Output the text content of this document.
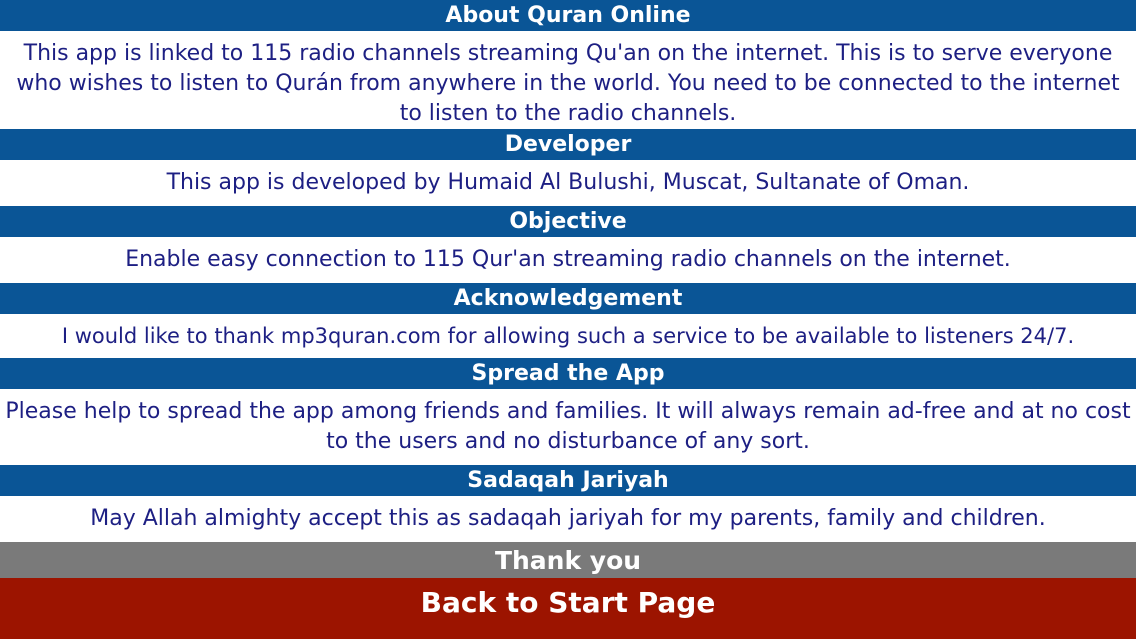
About Quran Online
This app is linked to 115 radio channels streaming Qu'an on the internet. This is to serve everyone who wishes to listen to Qurán from anywhere in the world. You need to be connected to the internet to listen to the radio channels.
Developer
This app is developed by Humaid Al Bulushi, Muscat, Sultanate of Oman.
Objective
Enable easy connection to 115 Qur'an streaming radio channels on the internet.
Acknowledgement
I would like to thank mp3quran.com for allowing such a service to be available to listeners 24/7.
Spread the App
Please help to spread the app among friends and families. It will always remain ad-free and at no cost to the users and no disturbance of any sort.
Sadaqah Jariyah
May Allah almighty accept this as sadaqah jariyah for my parents, family and children.
Thank you
Back to Start Page
